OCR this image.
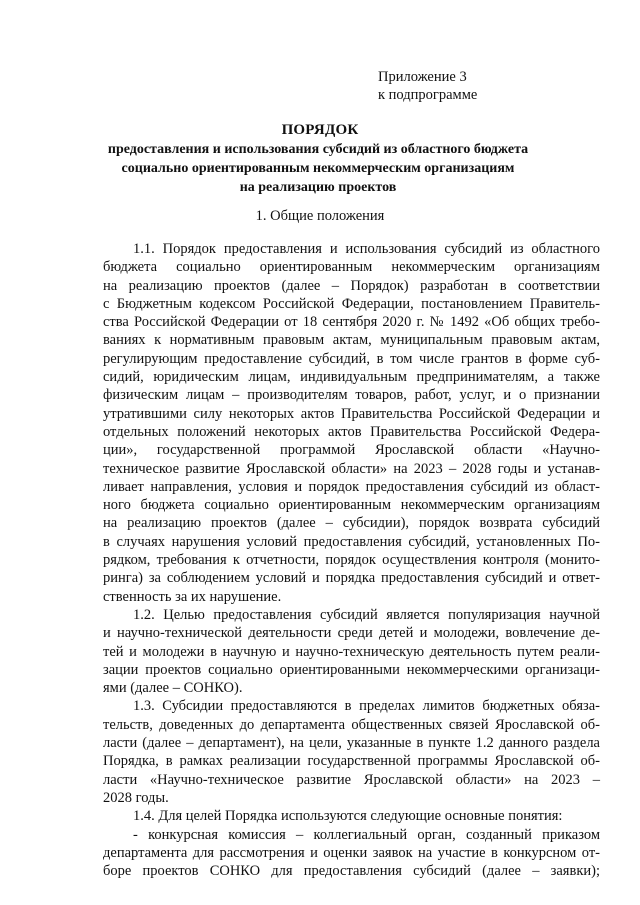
Приложение 3
к подпрограмме
ПОРЯДОК
предоставления и использования субсидий из областного бюджета
социально ориентированным некоммерческим организациям
на реализацию проектов
1. Общие положения
1.1. Порядок предоставления и использования субсидий из областного
бюджета социально ориентированным некоммерческим организациям
на реализацию проектов (далее – Порядок) разработан в соответствии
с Бюджетным кодексом Российской Федерации, постановлением Правитель-
ства Российской Федерации от 18 сентября 2020 г. № 1492 «Об общих требо-
ваниях к нормативным правовым актам, муниципальным правовым актам,
регулирующим предоставление субсидий, в том числе грантов в форме суб-
сидий, юридическим лицам, индивидуальным предпринимателям, а также
физическим лицам – производителям товаров, работ, услуг, и о признании
утратившими силу некоторых актов Правительства Российской Федерации и
отдельных положений некоторых актов Правительства Российской Федера-
ции», государственной программой Ярославской области «Научно-
техническое развитие Ярославской области» на 2023 – 2028 годы и устанав-
ливает направления, условия и порядок предоставления субсидий из област-
ного бюджета социально ориентированным некоммерческим организациям
на реализацию проектов (далее – субсидии), порядок возврата субсидий
в случаях нарушения условий предоставления субсидий, установленных По-
рядком, требования к отчетности, порядок осуществления контроля (монито-
ринга) за соблюдением условий и порядка предоставления субсидий и ответ-
ственность за их нарушение.
1.2. Целью предоставления субсидий является популяризация научной
и научно-технической деятельности среди детей и молодежи, вовлечение де-
тей и молодежи в научную и научно-техническую деятельность путем реали-
зации проектов социально ориентированными некоммерческими организаци-
ями (далее – СОНКО).
1.3. Субсидии предоставляются в пределах лимитов бюджетных обяза-
тельств, доведенных до департамента общественных связей Ярославской об-
ласти (далее – департамент), на цели, указанные в пункте 1.2 данного раздела
Порядка, в рамках реализации государственной программы Ярославской об-
ласти «Научно-техническое развитие Ярославской области» на 2023 –
2028 годы.
1.4. Для целей Порядка используются следующие основные понятия:
- конкурсная комиссия – коллегиальный орган, созданный приказом
департамента для рассмотрения и оценки заявок на участие в конкурсном от-
боре проектов СОНКО для предоставления субсидий (далее – заявки);
